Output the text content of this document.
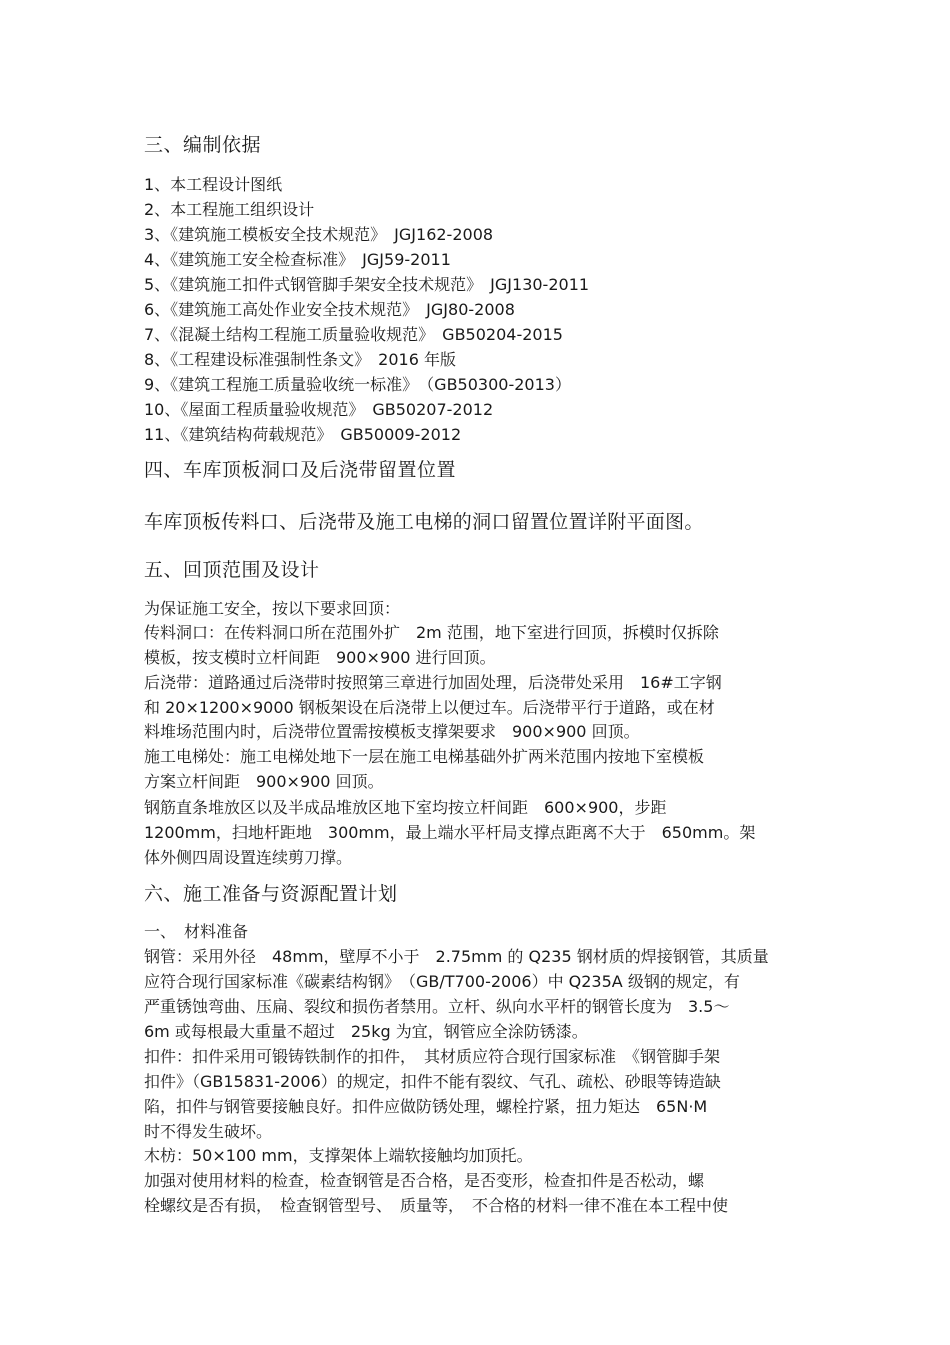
三、编制依据
1、本工程设计图纸
2、本工程施工组织设计
3、《建筑施工模板安全技术规范》　JGJ162-2008
4、《建筑施工安全检查标准》　JGJ59-2011
5、《建筑施工扣件式钢管脚手架安全技术规范》　JGJ130-2011
6、《建筑施工高处作业安全技术规范》　JGJ80-2008
7、《混凝土结构工程施工质量验收规范》　GB50204-2015
8、《工程建设标准强制性条文》　2016 年版
9、《建筑工程施工质量验收统一标准》　（GB50300-2013）
10、《屋面工程质量验收规范》　GB50207-2012
11、《建筑结构荷载规范》　GB50009-2012
四、车库顶板洞口及后浇带留置位置
车库顶板传料口、后浇带及施工电梯的洞口留置位置详附平面图。
五、回顶范围及设计
为保证施工安全，按以下要求回顶：
传料洞口：在传料洞口所在范围外扩　2m 范围，地下室进行回顶，拆模时仅拆除
模板，按支模时立杆间距　900×900 进行回顶。
后浇带：道路通过后浇带时按照第三章进行加固处理，后浇带处采用　16#工字钢
和 20×1200×9000 钢板架设在后浇带上以便过车。后浇带平行于道路，或在材
料堆场范围内时，后浇带位置需按模板支撑架要求　900×900 回顶。
施工电梯处：施工电梯处地下一层在施工电梯基础外扩两米范围内按地下室模板
方案立杆间距　900×900 回顶。
钢筋直条堆放区以及半成品堆放区地下室均按立杆间距　600×900，步距
1200mm，扫地杆距地　300mm，最上端水平杆局支撑点距离不大于　650mm。架
体外侧四周设置连续剪刀撑。
六、施工准备与资源配置计划
一、　材料准备
钢管：采用外径　48mm，壁厚不小于　2.75mm 的 Q235 钢材质的焊接钢管，其质量
应符合现行国家标准《碳素结构钢》　（GB/T700-2006）中 Q235A 级钢的规定，有
严重锈蚀弯曲、压扁、裂纹和损伤者禁用。立杆、纵向水平杆的钢管长度为　3.5～
6m 或每根最大重量不超过　25kg 为宜，钢管应全涂防锈漆。
扣件：扣件采用可锻铸铁制作的扣件，　其材质应符合现行国家标准　《钢管脚手架
扣件》（GB15831-2006）的规定，扣件不能有裂纹、气孔、疏松、砂眼等铸造缺
陷，扣件与钢管要接触良好。扣件应做防锈处理，螺栓拧紧，扭力矩达　65N·M
时不得发生破坏。
木枋：50×100 mm，支撑架体上端软接触均加顶托。
加强对使用材料的检查，检查钢管是否合格，是否变形，检查扣件是否松动，螺
栓螺纹是否有损，　检查钢管型号、　质量等，　不合格的材料一律不准在本工程中使
